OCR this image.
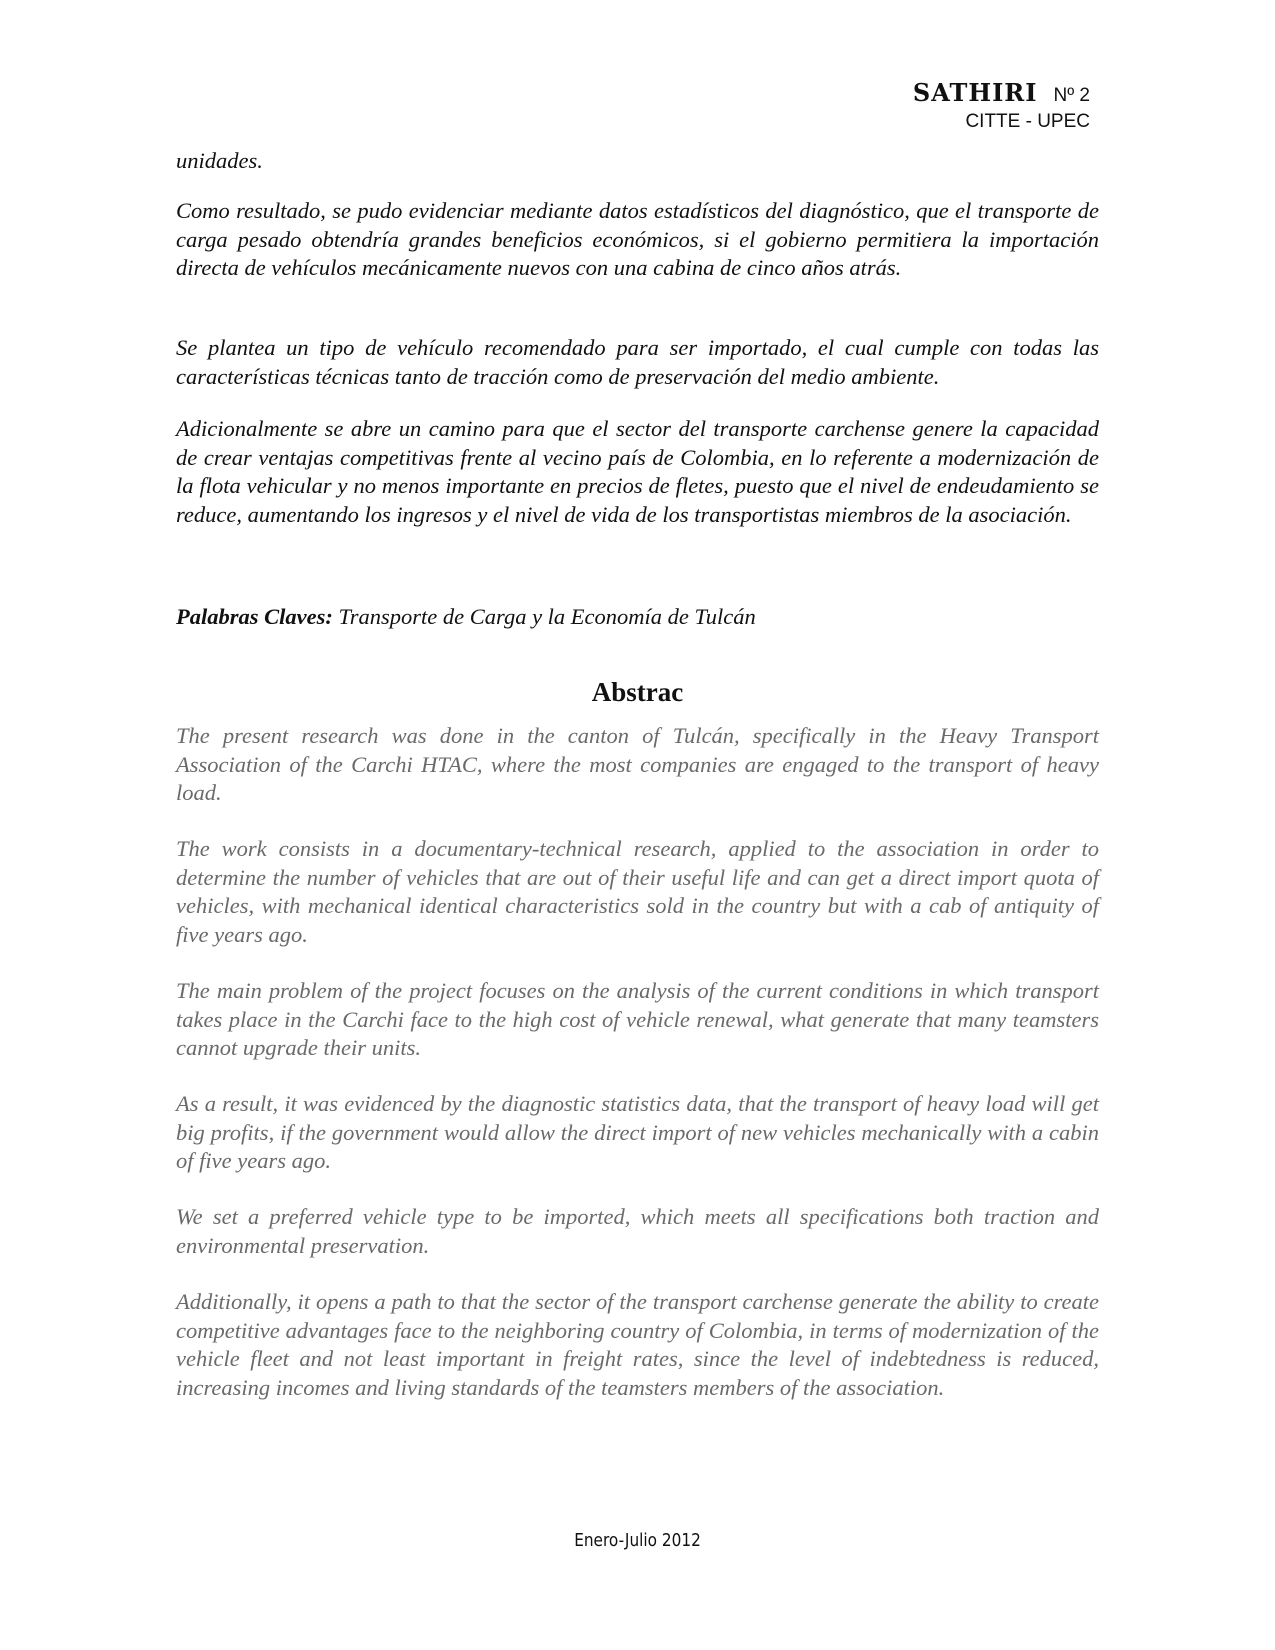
SATHIRI Nº 2
CITTE - UPEC

unidades.

Como resultado, se pudo evidenciar mediante datos estadísticos del diagnóstico, que el transporte de carga pesado obtendría grandes beneficios económicos, si el gobierno permitiera la importación directa de vehículos mecánicamente nuevos con una cabina de cinco años atrás.

Se plantea un tipo de vehículo recomendado para ser importado, el cual cumple con todas las características técnicas tanto de tracción como de preservación del medio ambiente.

Adicionalmente se abre un camino para que el sector del transporte carchense genere la capacidad de crear ventajas competitivas frente al vecino país de Colombia, en lo referente a modernización de la flota vehicular y no menos importante en precios de fletes, puesto que el nivel de endeudamiento se reduce, aumentando los ingresos y el nivel de vida de los transportistas miembros de la asociación.

Palabras Claves: Transporte de Carga y la Economía de Tulcán
Abstrac

The present research was done in the canton of Tulcán, specifically in the Heavy Transport Association of the Carchi HTAC, where the most companies are engaged to the transport of heavy load.

The work consists in a documentary-technical research, applied to the association in order to determine the number of vehicles that are out of their useful life and can get a direct import quota of vehicles, with mechanical identical characteristics sold in the country but with a cab of antiquity of five years ago.

The main problem of the project focuses on the analysis of the current conditions in which transport takes place in the Carchi face to the high cost of vehicle renewal, what generate that many teamsters cannot upgrade their units.

As a result, it was evidenced by the diagnostic statistics data, that the transport of heavy load will get big profits, if the government would allow the direct import of new vehicles mechanically with a cabin of five years ago.

We set a preferred vehicle type to be imported, which meets all specifications both traction and environmental preservation.

Additionally, it opens a path to that the sector of the transport carchense generate the ability to create competitive advantages face to the neighboring country of Colombia, in terms of modernization of the vehicle fleet and not least important in freight rates, since the level of indebtedness is reduced, increasing incomes and living standards of the teamsters members of the association.

Enero-Julio 2012
